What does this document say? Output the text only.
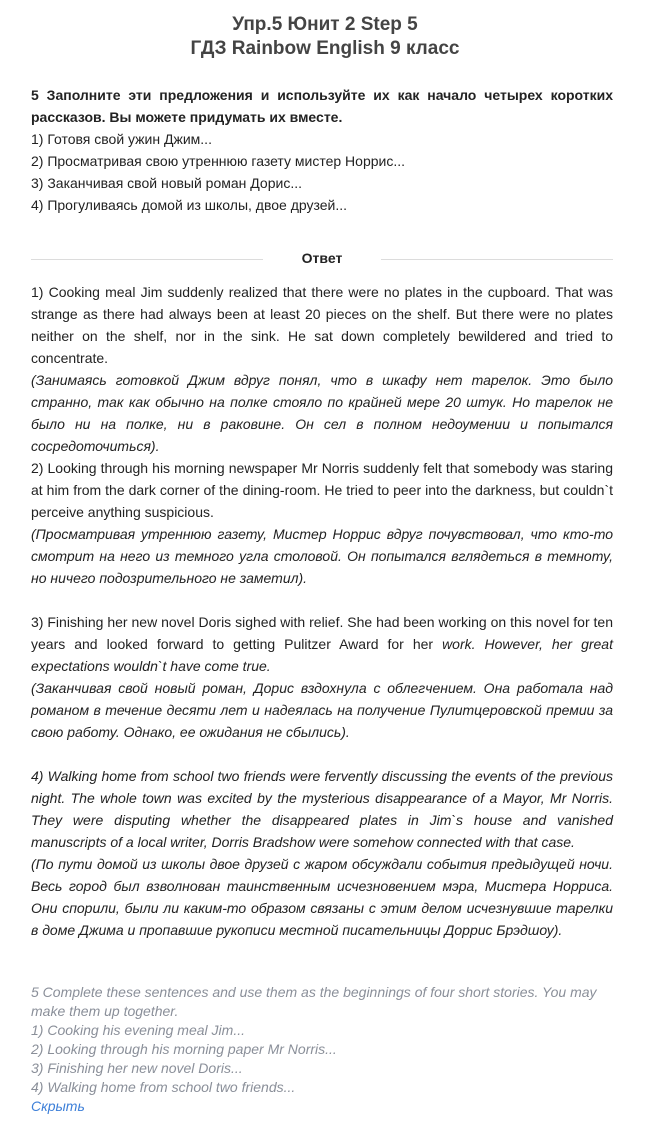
Упр.5 Юнит 2 Step 5
ГДЗ Rainbow English 9 класс
5 Заполните эти предложения и используйте их как начало четырех коротких рассказов. Вы можете придумать их вместе.
1) Готовя свой ужин Джим...
2) Просматривая свою утреннюю газету мистер Норрис...
3) Заканчивая свой новый роман Дорис...
4) Прогуливаясь домой из школы, двое друзей...
Ответ

1) Cooking meal Jim suddenly realized that there were no plates in the cupboard. That was strange as there had always been at least 20 pieces on the shelf. But there were no plates neither on the shelf, nor in the sink. He sat down completely bewildered and tried to concentrate.

(Занимаясь готовкой Джим вдруг понял, что в шкафу нет тарелок. Это было странно, так как обычно на полке стояло по крайней мере 20 штук. Но тарелок не было ни на полке, ни в раковине. Он сел в полном недоумении и попытался сосредоточиться).

2) Looking through his morning newspaper Mr Norris suddenly felt that somebody was staring at him from the dark corner of the dining-room. He tried to peer into the darkness, but couldn`t perceive anything suspicious.

(Просматривая утреннюю газету, Мистер Норрис вдруг почувствовал, что кто-то смотрит на него из темного угла столовой. Он попытался вглядеться в темноту, но ничего подозрительного не заметил).

3) Finishing her new novel Doris sighed with relief. She had been working on this novel for ten years and looked forward to getting Pulitzer Award for her work. However, her great expectations wouldn`t have come true.

(Заканчивая свой новый роман, Дорис вздохнула с облегчением. Она работала над романом в течение десяти лет и надеялась на получение Пулитцеровской премии за свою работу. Однако, ее ожидания не сбылись).

4) Walking home from school two friends were fervently discussing the events of the previous night. The whole town was excited by the mysterious disappearance of a Mayor, Mr Norris. They were disputing whether the disappeared plates in Jim`s house and vanished manuscripts of a local writer, Dorris Bradshow were somehow connected with that case.

(По пути домой из школы двое друзей с жаром обсуждали события предыдущей ночи. Весь город был взволнован таинственным исчезновением мэра, Мистера Норриса. Они спорили, были ли каким-то образом связаны с этим делом исчезнувшие тарелки в доме Джима и пропавшие рукописи местной писательницы Доррис Брэдшоу).

5 Complete these sentences and use them as the beginnings of four short stories. You may make them up together.
1) Cooking his evening meal Jim...
2) Looking through his morning paper Mr Norris...
3) Finishing her new novel Doris...
4) Walking home from school two friends...
Скрыть
